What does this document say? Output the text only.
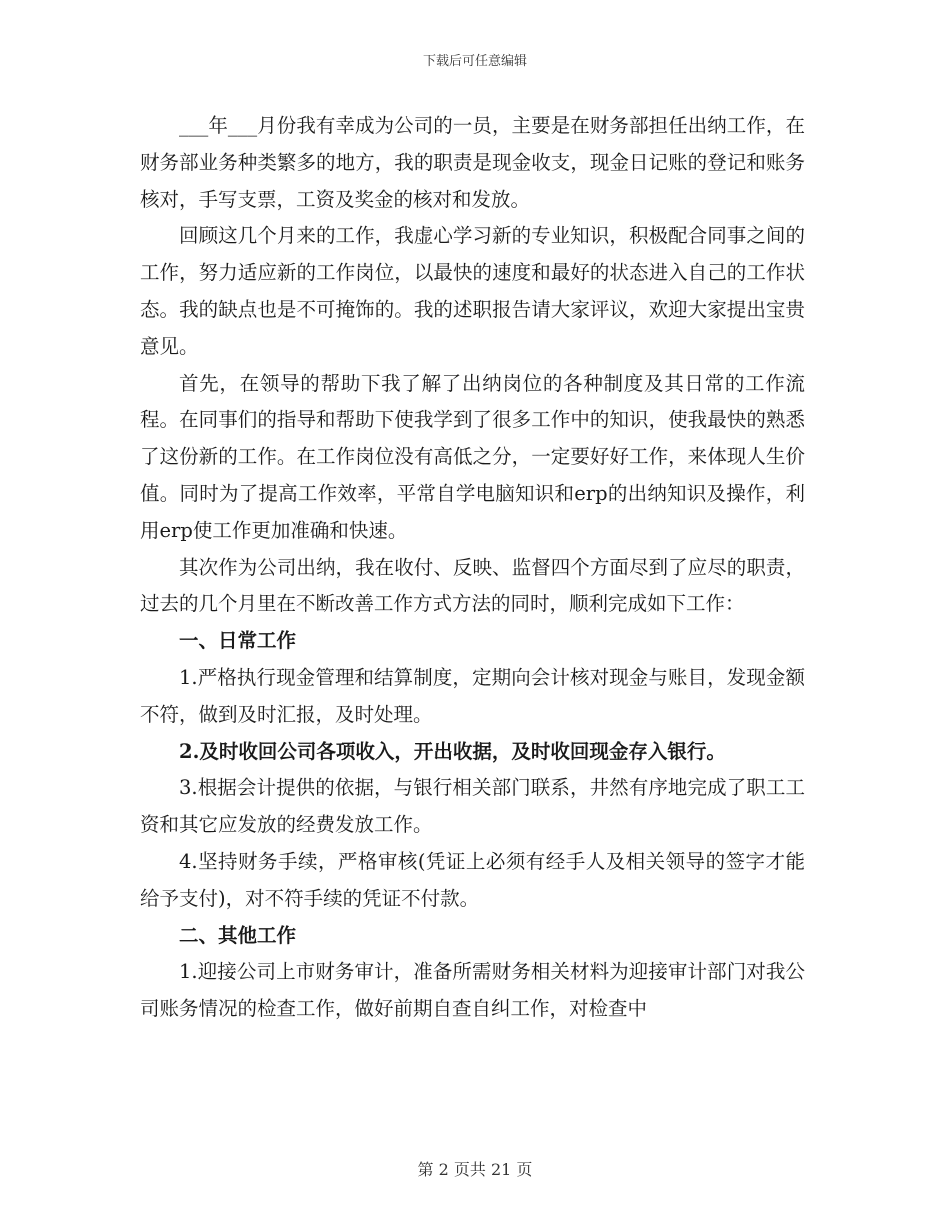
下载后可任意编辑

___年___月份我有幸成为公司的一员，主要是在财务部担任出纳工作，在财务部业务种类繁多的地方，我的职责是现金收支，现金日记账的登记和账务核对，手写支票，工资及奖金的核对和发放。

回顾这几个月来的工作，我虚心学习新的专业知识，积极配合同事之间的工作，努力适应新的工作岗位，以最快的速度和最好的状态进入自己的工作状态。我的缺点也是不可掩饰的。我的述职报告请大家评议，欢迎大家提出宝贵意见。

首先，在领导的帮助下我了解了出纳岗位的各种制度及其日常的工作流程。在同事们的指导和帮助下使我学到了很多工作中的知识，使我最快的熟悉了这份新的工作。在工作岗位没有高低之分，一定要好好工作，来体现人生价值。同时为了提高工作效率，平常自学电脑知识和erp的出纳知识及操作，利用erp使工作更加准确和快速。

其次作为公司出纳，我在收付、反映、监督四个方面尽到了应尽的职责，过去的几个月里在不断改善工作方式方法的同时，顺利完成如下工作：

一、日常工作

1.严格执行现金管理和结算制度，定期向会计核对现金与账目，发现金额不符，做到及时汇报，及时处理。

2.及时收回公司各项收入，开出收据，及时收回现金存入银行。

3.根据会计提供的依据，与银行相关部门联系，井然有序地完成了职工工资和其它应发放的经费发放工作。

4.坚持财务手续，严格审核(凭证上必须有经手人及相关领导的签字才能给予支付)，对不符手续的凭证不付款。

二、其他工作

1.迎接公司上市财务审计，准备所需财务相关材料为迎接审计部门对我公司账务情况的检查工作，做好前期自查自纠工作，对检查中

第 2 页共 21 页
